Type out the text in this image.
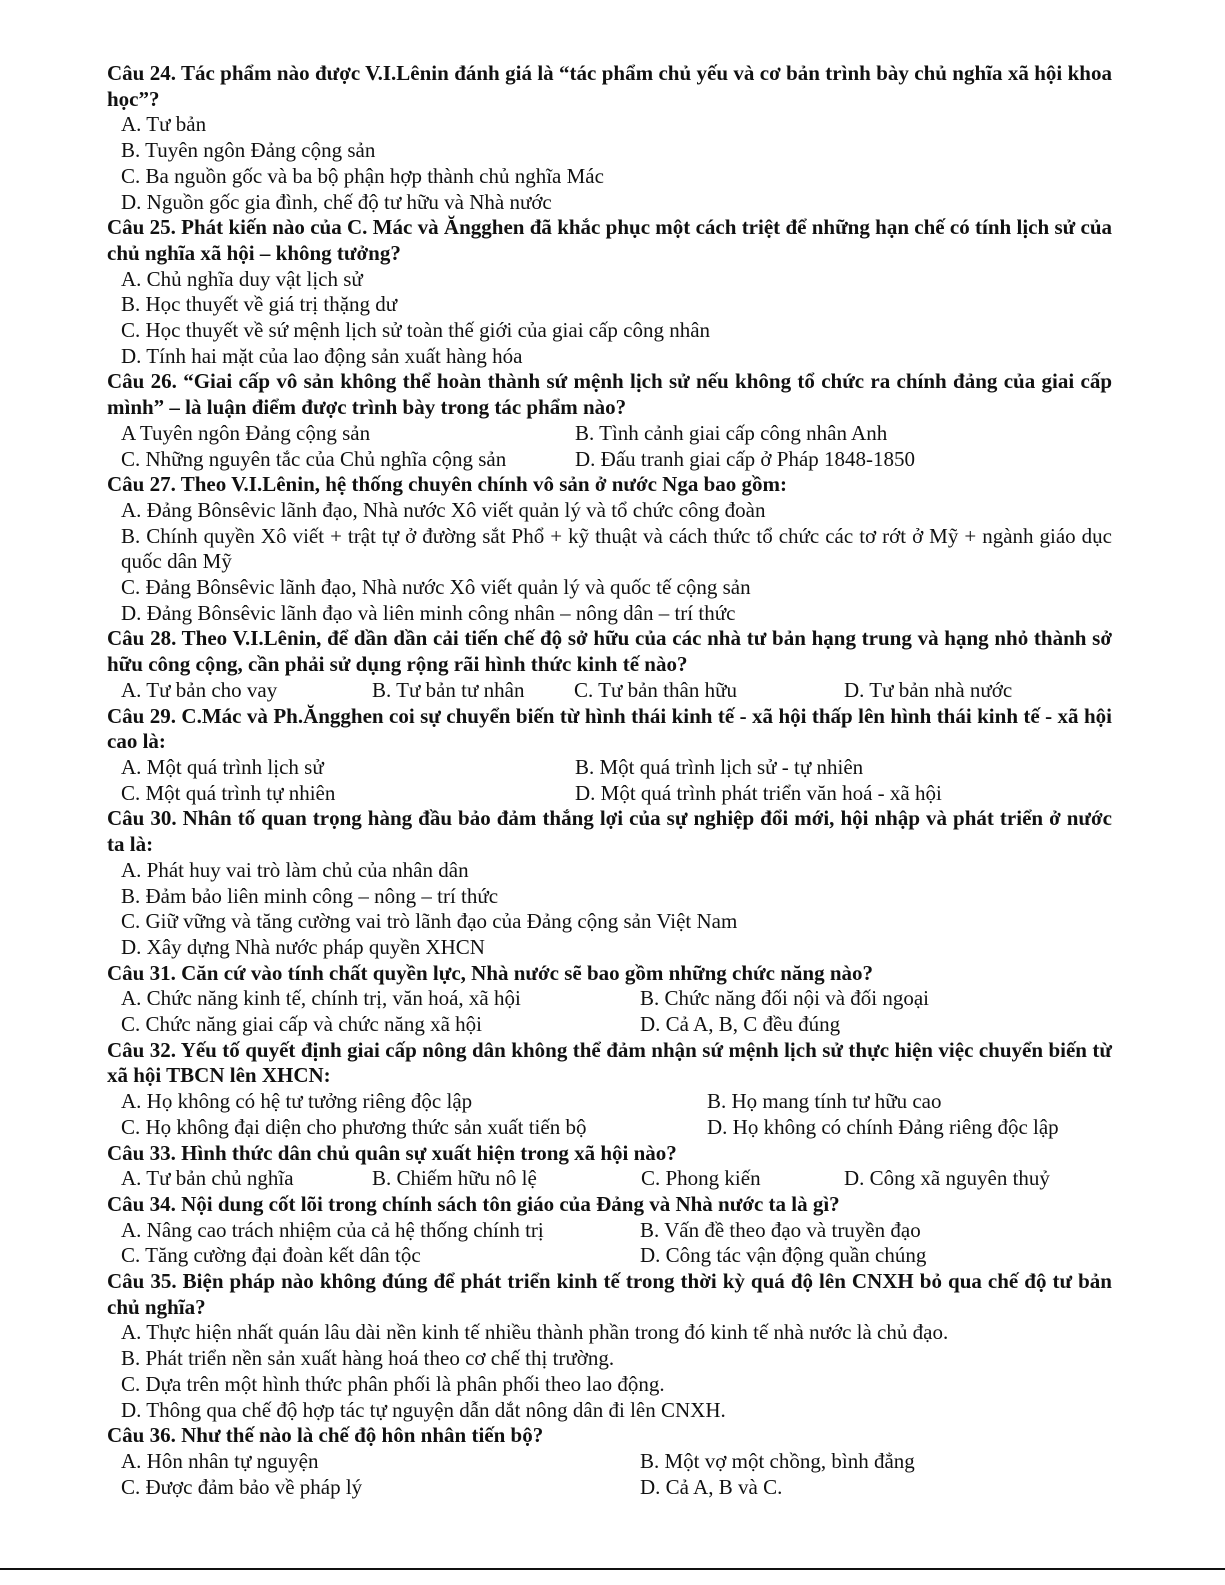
Câu 24. Tác phẩm nào được V.I.Lênin đánh giá là “tác phẩm chủ yếu và cơ bản trình bày chủ nghĩa xã hội khoa học”?
A. Tư bản
B. Tuyên ngôn Đảng cộng sản
C. Ba nguồn gốc và ba bộ phận hợp thành chủ nghĩa Mác
D. Nguồn gốc gia đình, chế độ tư hữu và Nhà nước
Câu 25. Phát kiến nào của C. Mác và Ăngghen đã khắc phục một cách triệt để những hạn chế có tính lịch sử của chủ nghĩa xã hội – không tưởng?
A. Chủ nghĩa duy vật lịch sử
B. Học thuyết về giá trị thặng dư
C. Học thuyết về sứ mệnh lịch sử toàn thế giới của giai cấp công nhân
D. Tính hai mặt của lao động sản xuất hàng hóa
Câu 26. “Giai cấp vô sản không thể hoàn thành sứ mệnh lịch sử nếu không tổ chức ra chính đảng của giai cấp mình” – là luận điểm được trình bày trong tác phẩm nào?
A Tuyên ngôn Đảng cộng sản	B. Tình cảnh giai cấp công nhân Anh
C. Những nguyên tắc của Chủ nghĩa cộng sản	D. Đấu tranh giai cấp ở Pháp 1848-1850
Câu 27. Theo V.I.Lênin, hệ thống chuyên chính vô sản ở nước Nga bao gồm:
A. Đảng Bônsêvic lãnh đạo, Nhà nước Xô viết quản lý và tổ chức công đoàn
B. Chính quyền Xô viết + trật tự ở đường sắt Phổ + kỹ thuật và cách thức tổ chức các tơ rớt ở Mỹ + ngành giáo dục quốc dân Mỹ
C. Đảng Bônsêvic lãnh đạo, Nhà nước Xô viết quản lý và quốc tế cộng sản
D. Đảng Bônsêvic lãnh đạo và liên minh công nhân – nông dân – trí thức
Câu 28. Theo V.I.Lênin, để dần dần cải tiến chế độ sở hữu của các nhà tư bản hạng trung và hạng nhỏ thành sở hữu công cộng, cần phải sử dụng rộng rãi hình thức kinh tế nào?
A. Tư bản cho vay	B. Tư bản tư nhân	C. Tư bản thân hữu	D. Tư bản nhà nước
Câu 29. C.Mác và Ph.Ăngghen coi sự chuyển biến từ hình thái kinh tế - xã hội thấp lên hình thái kinh tế - xã hội cao là:
A. Một quá trình lịch sử	B. Một quá trình lịch sử - tự nhiên
C. Một quá trình tự nhiên	D. Một quá trình phát triển văn hoá - xã hội
Câu 30. Nhân tố quan trọng hàng đầu bảo đảm thắng lợi của sự nghiệp đổi mới, hội nhập và phát triển ở nước ta là:
A. Phát huy vai trò làm chủ của nhân dân
B. Đảm bảo liên minh công – nông – trí thức
C. Giữ vững và tăng cường vai trò lãnh đạo của Đảng cộng sản Việt Nam
D. Xây dựng Nhà nước pháp quyền XHCN
Câu 31. Căn cứ vào tính chất quyền lực, Nhà nước sẽ bao gồm những chức năng nào?
A. Chức năng kinh tế, chính trị, văn hoá, xã hội	B. Chức năng đối nội và đối ngoại
C. Chức năng giai cấp và chức năng xã hội	D. Cả A, B, C đều đúng
Câu 32. Yếu tố quyết định giai cấp nông dân không thể đảm nhận sứ mệnh lịch sử thực hiện việc chuyển biến từ xã hội TBCN lên XHCN:
A. Họ không có hệ tư tưởng riêng độc lập	B. Họ mang tính tư hữu cao
C. Họ không đại diện cho phương thức sản xuất tiến bộ	D. Họ không có chính Đảng riêng độc lập
Câu 33. Hình thức dân chủ quân sự xuất hiện trong xã hội nào?
A. Tư bản chủ nghĩa	B. Chiếm hữu nô lệ	C. Phong kiến	D. Công xã nguyên thuỷ
Câu 34. Nội dung cốt lõi trong chính sách tôn giáo của Đảng và Nhà nước ta là gì?
A. Nâng cao trách nhiệm của cả hệ thống chính trị	B. Vấn đề theo đạo và truyền đạo
C. Tăng cường đại đoàn kết dân tộc	D. Công tác vận động quần chúng
Câu 35. Biện pháp nào không đúng để phát triển kinh tế trong thời kỳ quá độ lên CNXH bỏ qua chế độ tư bản chủ nghĩa?
A. Thực hiện nhất quán lâu dài nền kinh tế nhiều thành phần trong đó kinh tế nhà nước là chủ đạo.
B. Phát triển nền sản xuất hàng hoá theo cơ chế thị trường.
C. Dựa trên một hình thức phân phối là phân phối theo lao động.
D. Thông qua chế độ hợp tác tự nguyện dẫn dắt nông dân đi lên CNXH.
Câu 36. Như thế nào là chế độ hôn nhân tiến bộ?
A. Hôn nhân tự nguyện	B. Một vợ một chồng, bình đẳng
C. Được đảm bảo về pháp lý	D. Cả A, B và C.
